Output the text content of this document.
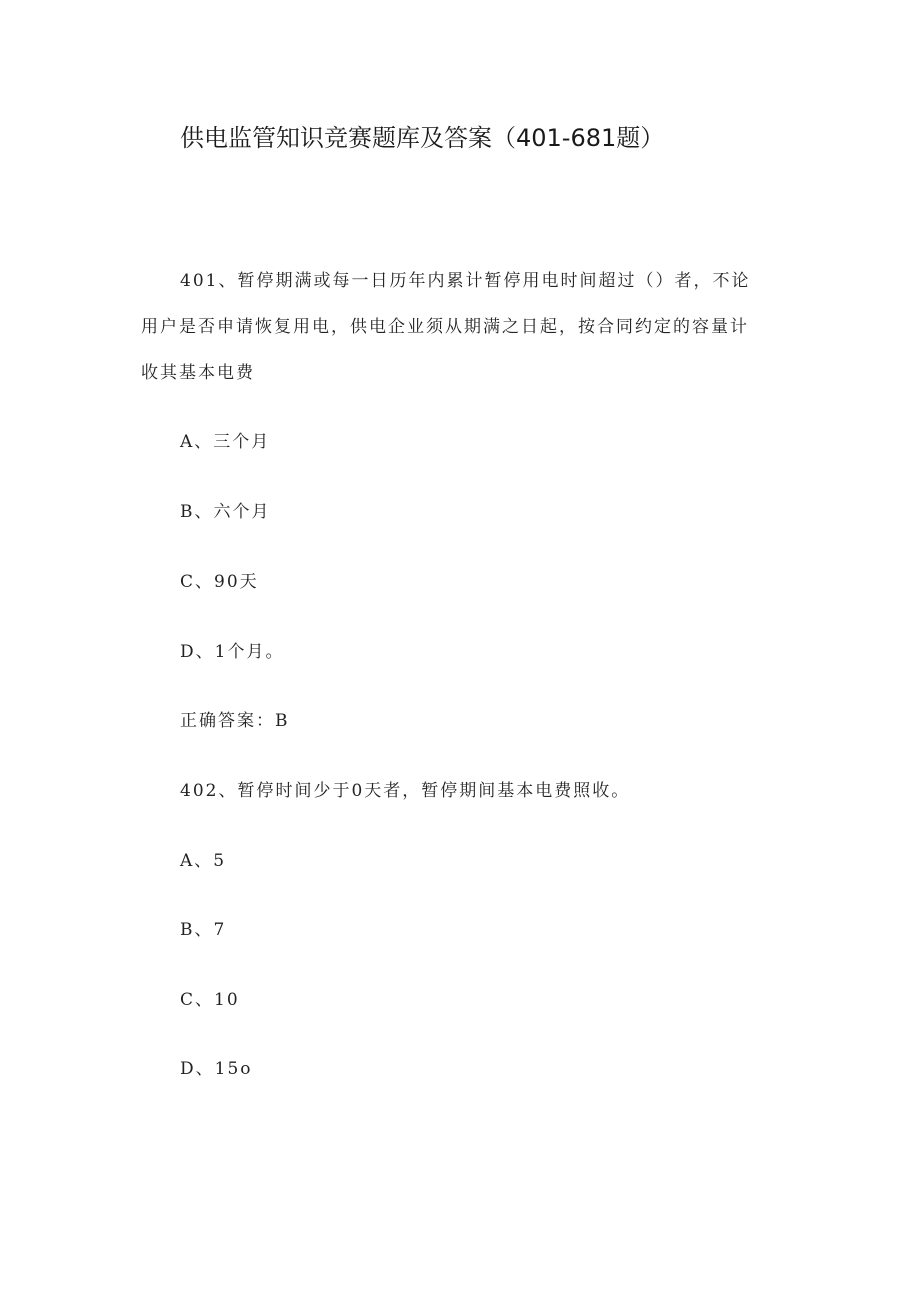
供电监管知识竞赛题库及答案（401-681题）
401、暂停期满或每一日历年内累计暂停用电时间超过（）者，不论
用户是否申请恢复用电，供电企业须从期满之日起，按合同约定的容量计
收其基本电费
A、三个月
B、六个月
C、90天
D、1个月。
正确答案：B
402、暂停时间少于0天者，暂停期间基本电费照收。
A、5
B、7
C、10
D、15o
